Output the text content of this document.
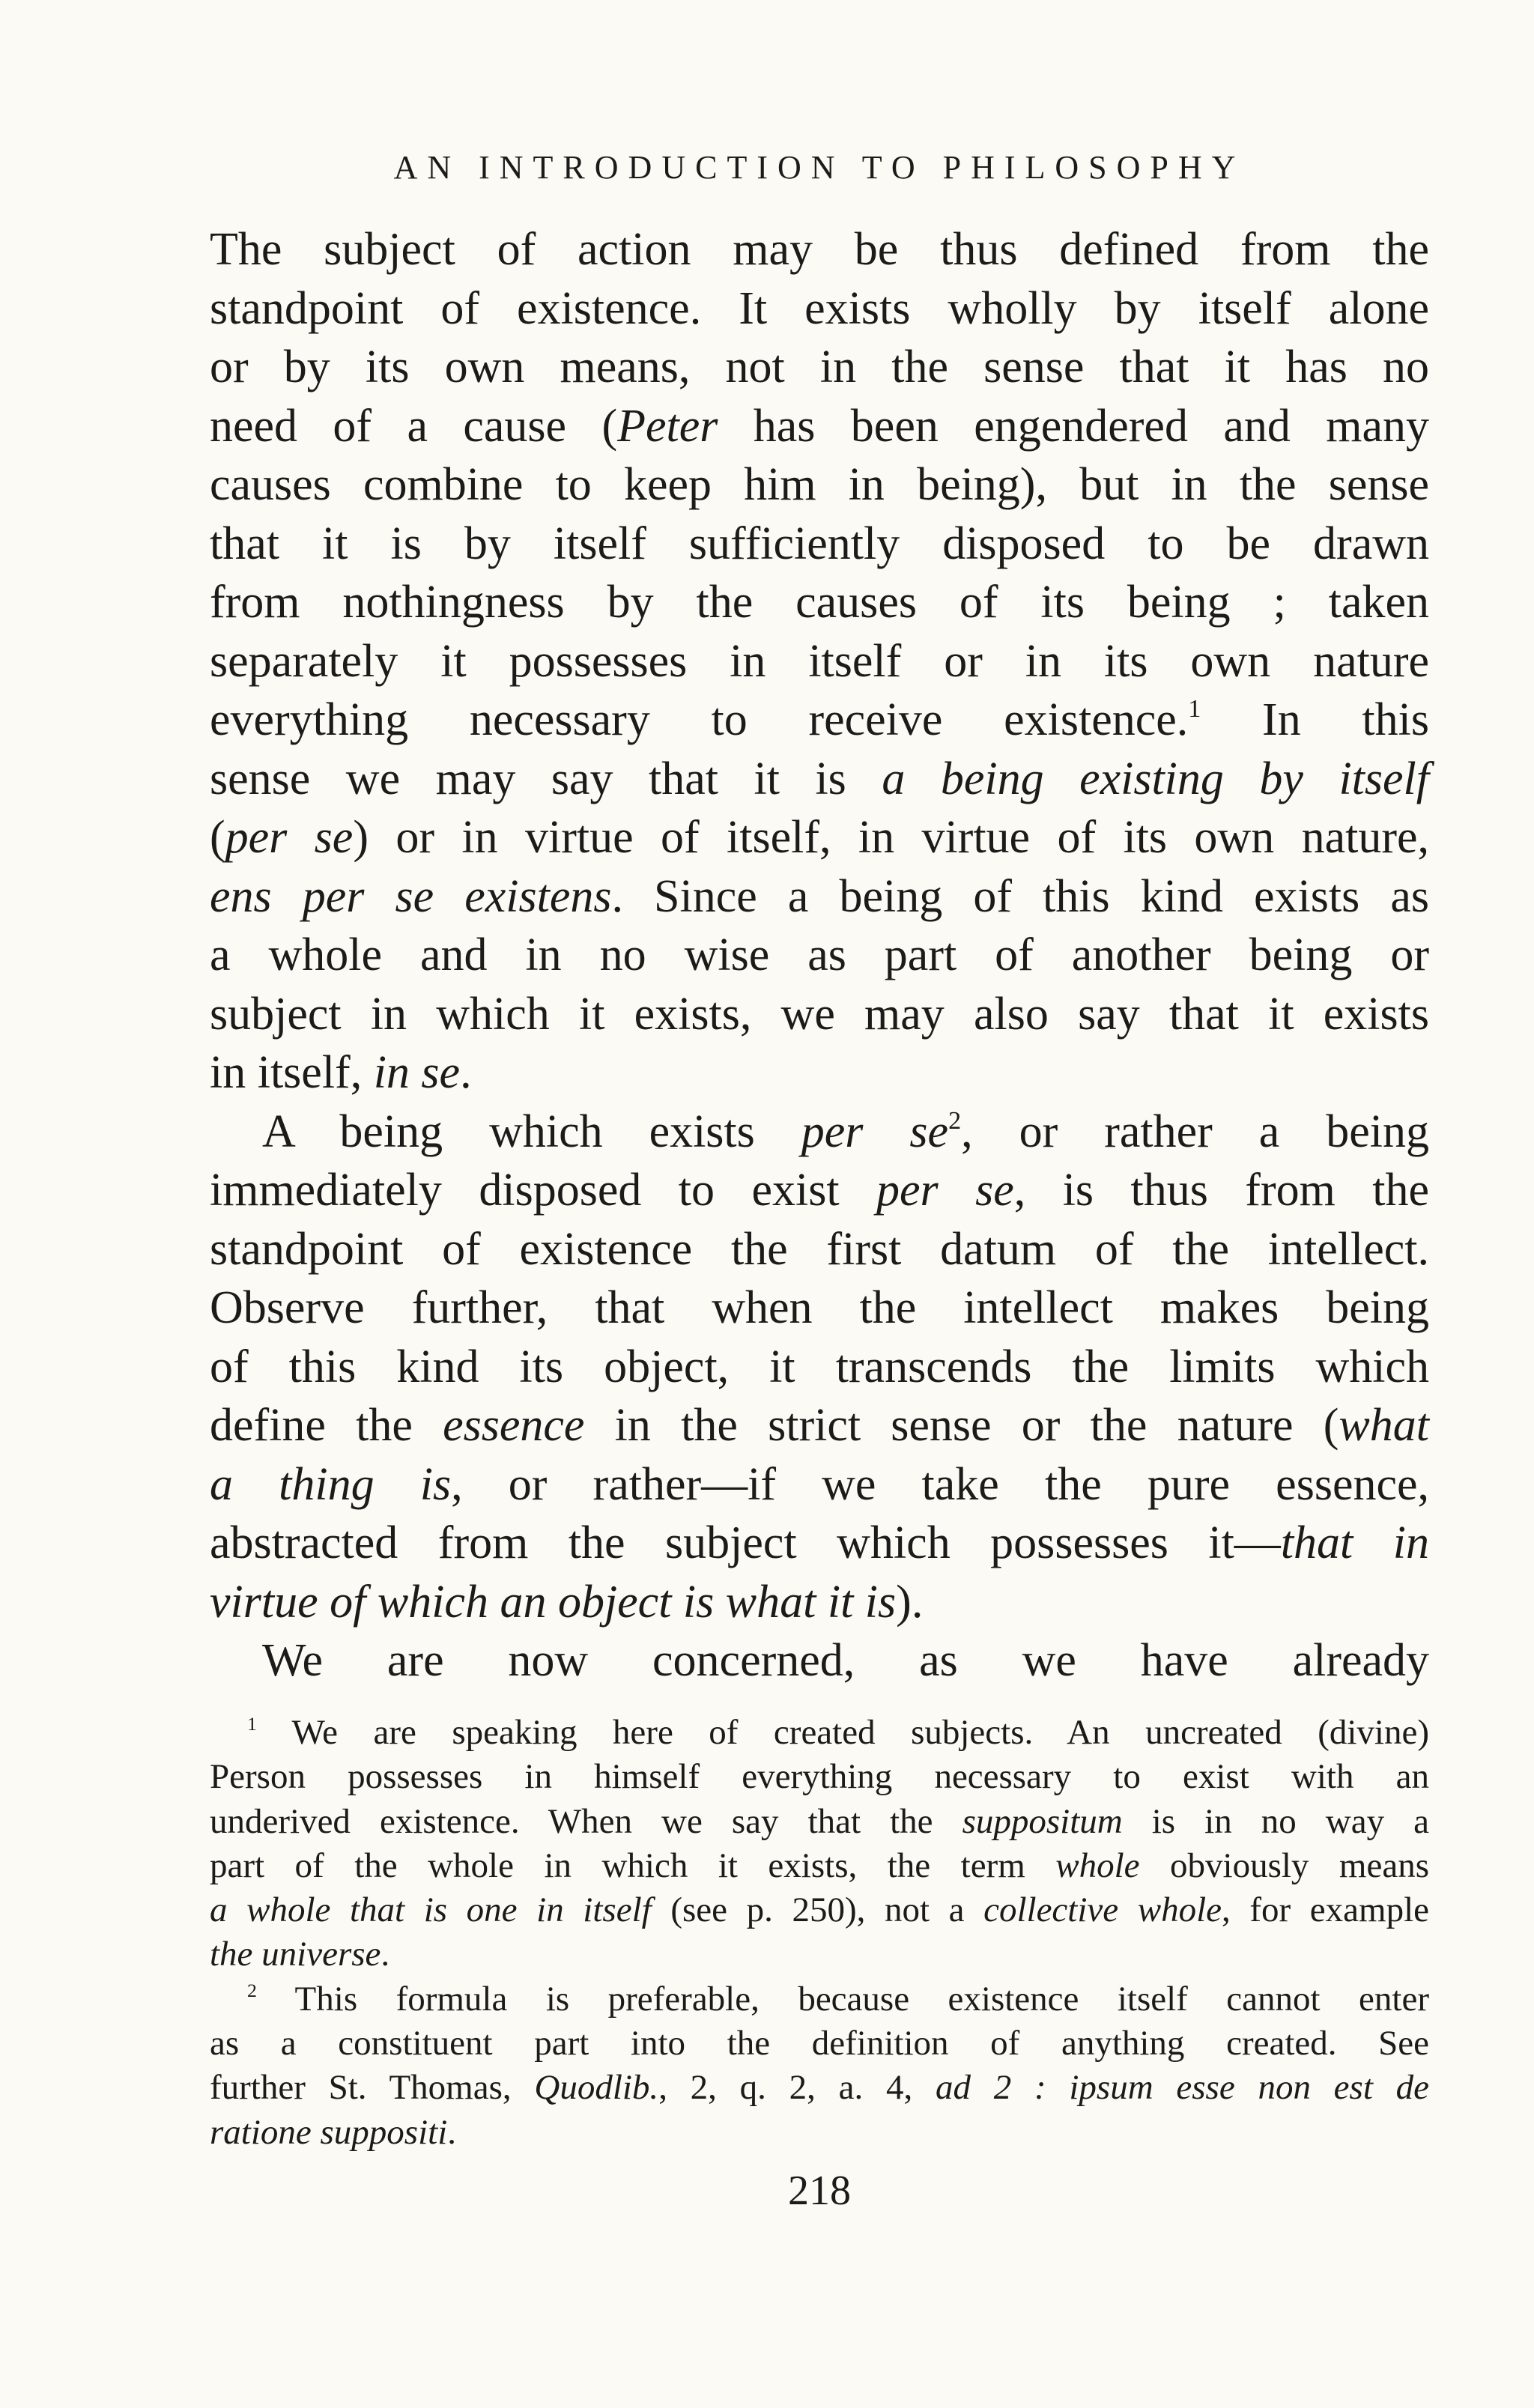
AN INTRODUCTION TO PHILOSOPHY
The subject of action may be thus defined from the
standpoint of existence. It exists wholly by itself alone
or by its own means, not in the sense that it has no
need of a cause (Peter has been engendered and many
causes combine to keep him in being), but in the sense
that it is by itself sufficiently disposed to be drawn
from nothingness by the causes of its being ; taken
separately it possesses in itself or in its own nature
everything necessary to receive existence.$^1$ In this
sense we may say that it is a being existing by itself
(per se) or in virtue of itself, in virtue of its own nature,
ens per se existens. Since a being of this kind exists as
a whole and in no wise as part of another being or
subject in which it exists, we may also say that it exists
in itself, in se.
A being which exists per $se^2$, or rather a being
immediately disposed to exist per se, is thus from the
standpoint of existence the first datum of the intellect.
Observe further, that when the intellect makes being
of this kind its object, it transcends the limits which
define the essence in the strict sense or the nature (what
a thing is, or rather—if we take the pure essence,
abstracted from the subject which possesses it—that in
virtue of which an object is what it is).
We are now concerned, as we have already
$^1$ We are speaking here of created subjects. An uncreated (divine)
Person possesses in himself everything necessary to exist with an
underived existence. When we say that the suppositum is in no way a
part of the whole in which it exists, the term whole obviously means
a whole that is one in itself (see p. 250), not a collective whole, for example
the universe.
$^2$ This formula is preferable, because existence itself cannot enter
as a constituent part into the definition of anything created. See
further St. Thomas, Quodlib., 2, q. 2, a. 4, ad 2 : ipsum esse non est de
ratione suppositi.
218
